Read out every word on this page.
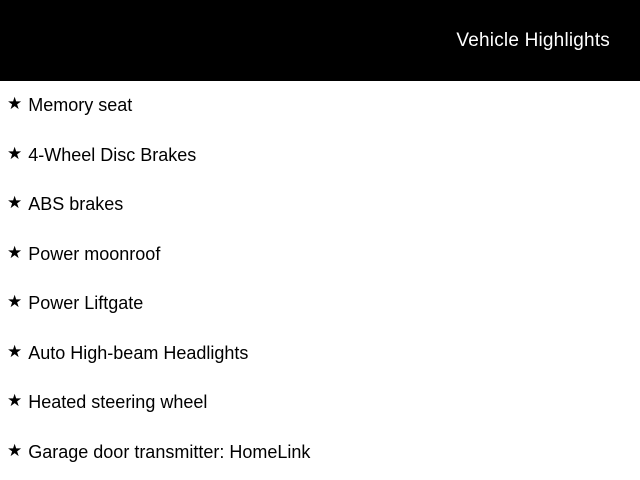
Vehicle Highlights
★ Memory seat
★ 4-Wheel Disc Brakes
★ ABS brakes
★ Power moonroof
★ Power Liftgate
★ Auto High-beam Headlights
★ Heated steering wheel
★ Garage door transmitter: HomeLink
